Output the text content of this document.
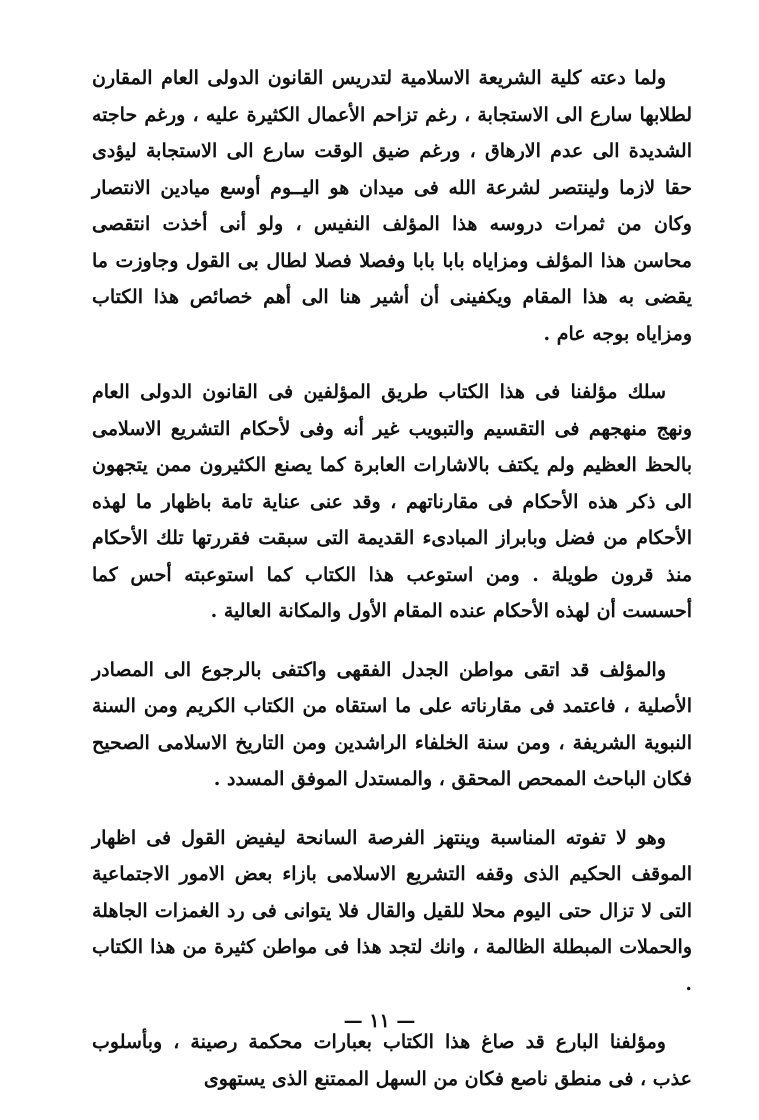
ولما دعته كلية الشريعة الاسلامية لتدريس القانون الدولى العام المقارن لطلابها سارع الى الاستجابة ، رغم تزاحم الأعمال الكثيرة عليه ، ورغم حاجته الشديدة الى عدم الارهاق ، ورغم ضيق الوقت سارع الى الاستجابة ليؤدى حقا لازما ولينتصر لشرعة الله فى ميدان هو اليــوم أوسع ميادين الانتصار وكان من ثمرات دروسه هذا المؤلف النفيس ، ولو أنى أخذت انتقصى محاسن هذا المؤلف ومزاياه بابا بابا وفصلا فصلا لطال بى القول وجاوزت ما يقضى به هذا المقام ويكفينى أن أشير هنا الى أهم خصائص هذا الكتاب ومزاياه بوجه عام .

سلك مؤلفنا فى هذا الكتاب طريق المؤلفين فى القانون الدولى العام ونهج منهجهم فى التقسيم والتبويب غير أنه وفى لأحكام التشريع الاسلامى بالحظ العظيم ولم يكتف بالاشارات العابرة كما يصنع الكثيرون ممن يتجهون الى ذكر هذه الأحكام فى مقارناتهم ، وقد عنى عناية تامة باظهار ما لهذه الأحكام من فضل وبابراز المبادىء القديمة التى سبقت فقررتها تلك الأحكام منذ قرون طويلة . ومن استوعب هذا الكتاب كما استوعبته أحس كما أحسست أن لهذه الأحكام عنده المقام الأول والمكانة العالية .

والمؤلف قد اتقى مواطن الجدل الفقهى واكتفى بالرجوع الى المصادر الأصلية ، فاعتمد فى مقارناته على ما استقاه من الكتاب الكريم ومن السنة النبوية الشريفة ، ومن سنة الخلفاء الراشدين ومن التاريخ الاسلامى الصحيح فكان الباحث الممحص المحقق ، والمستدل الموفق المسدد .

وهو لا تفوته المناسبة وينتهز الفرصة السانحة ليفيض القول فى اظهار الموقف الحكيم الذى وقفه التشريع الاسلامى بازاء بعض الامور الاجتماعية التى لا تزال حتى اليوم محلا للقيل والقال فلا يتوانى فى رد الغمزات الجاهلة والحملات المبطلة الظالمة ، وانك لتجد هذا فى مواطن كثيرة من هذا الكتاب .

ومؤلفنا البارع قد صاغ هذا الكتاب بعبارات محكمة رصينة ، وبأسلوب عذب ، فى منطق ناصع فكان من السهل الممتنع الذى يستهوى

— ١١ —
